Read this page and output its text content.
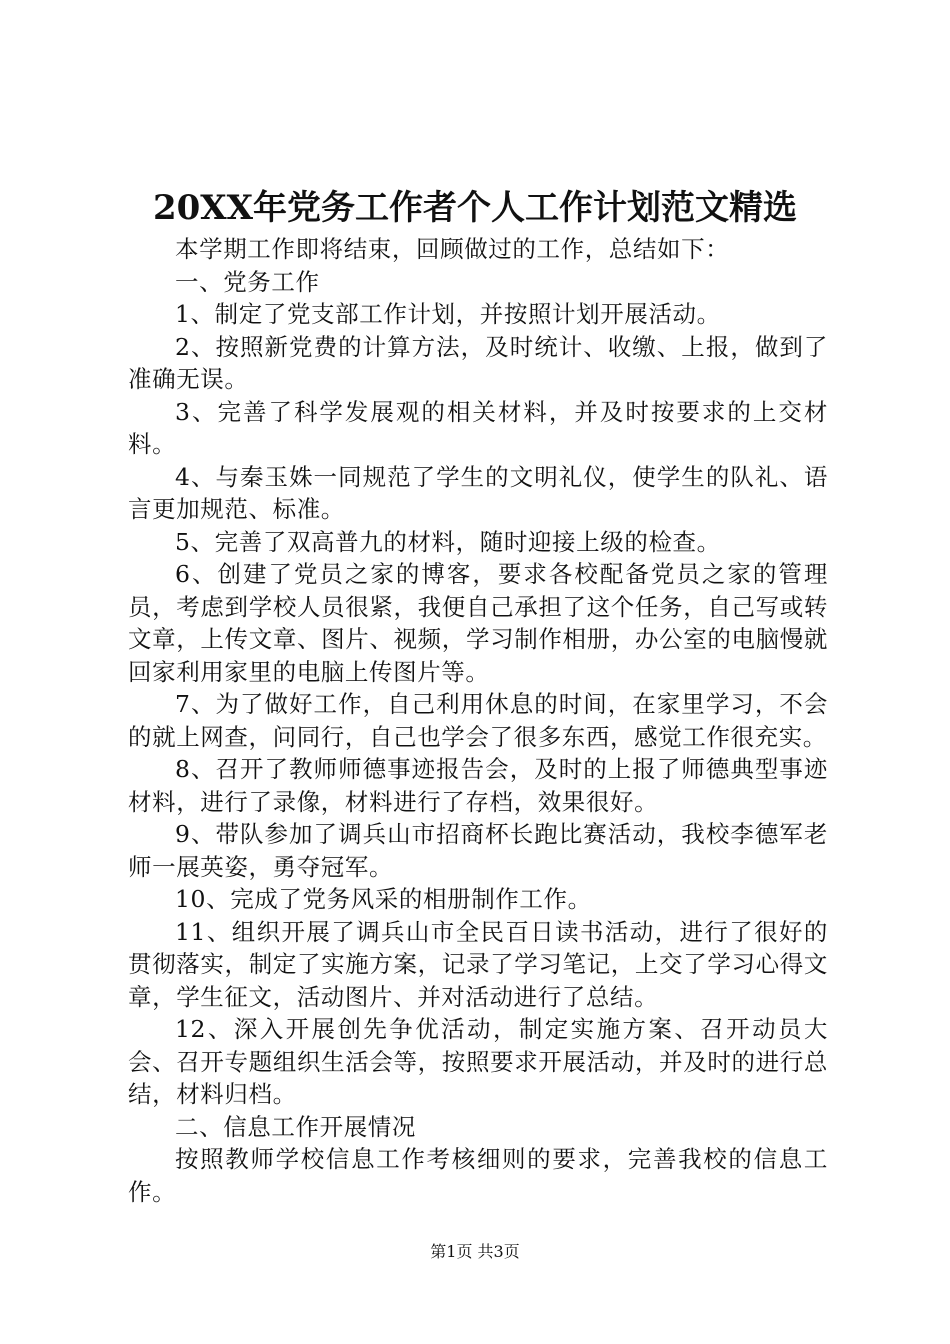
20XX年党务工作者个人工作计划范文精选

本学期工作即将结束，回顾做过的工作，总结如下：

一、党务工作

1、制定了党支部工作计划，并按照计划开展活动。

2、按照新党费的计算方法，及时统计、收缴、上报，做到了准确无误。

3、完善了科学发展观的相关材料，并及时按要求的上交材料。

4、与秦玉姝一同规范了学生的文明礼仪，使学生的队礼、语言更加规范、标准。

5、完善了双高普九的材料，随时迎接上级的检查。

6、创建了党员之家的博客，要求各校配备党员之家的管理员，考虑到学校人员很紧，我便自己承担了这个任务，自己写或转文章，上传文章、图片、视频，学习制作相册，办公室的电脑慢就回家利用家里的电脑上传图片等。

7、为了做好工作，自己利用休息的时间，在家里学习，不会的就上网查，问同行，自己也学会了很多东西，感觉工作很充实。

8、召开了教师师德事迹报告会，及时的上报了师德典型事迹材料，进行了录像，材料进行了存档，效果很好。

9、带队参加了调兵山市招商杯长跑比赛活动，我校李德军老师一展英姿，勇夺冠军。

10、完成了党务风采的相册制作工作。

11、组织开展了调兵山市全民百日读书活动，进行了很好的贯彻落实，制定了实施方案，记录了学习笔记，上交了学习心得文章，学生征文，活动图片、并对活动进行了总结。

12、深入开展创先争优活动，制定实施方案、召开动员大会、召开专题组织生活会等，按照要求开展活动，并及时的进行总结，材料归档。

二、信息工作开展情况

按照教师学校信息工作考核细则的要求，完善我校的信息工作。

第1页 共3页
